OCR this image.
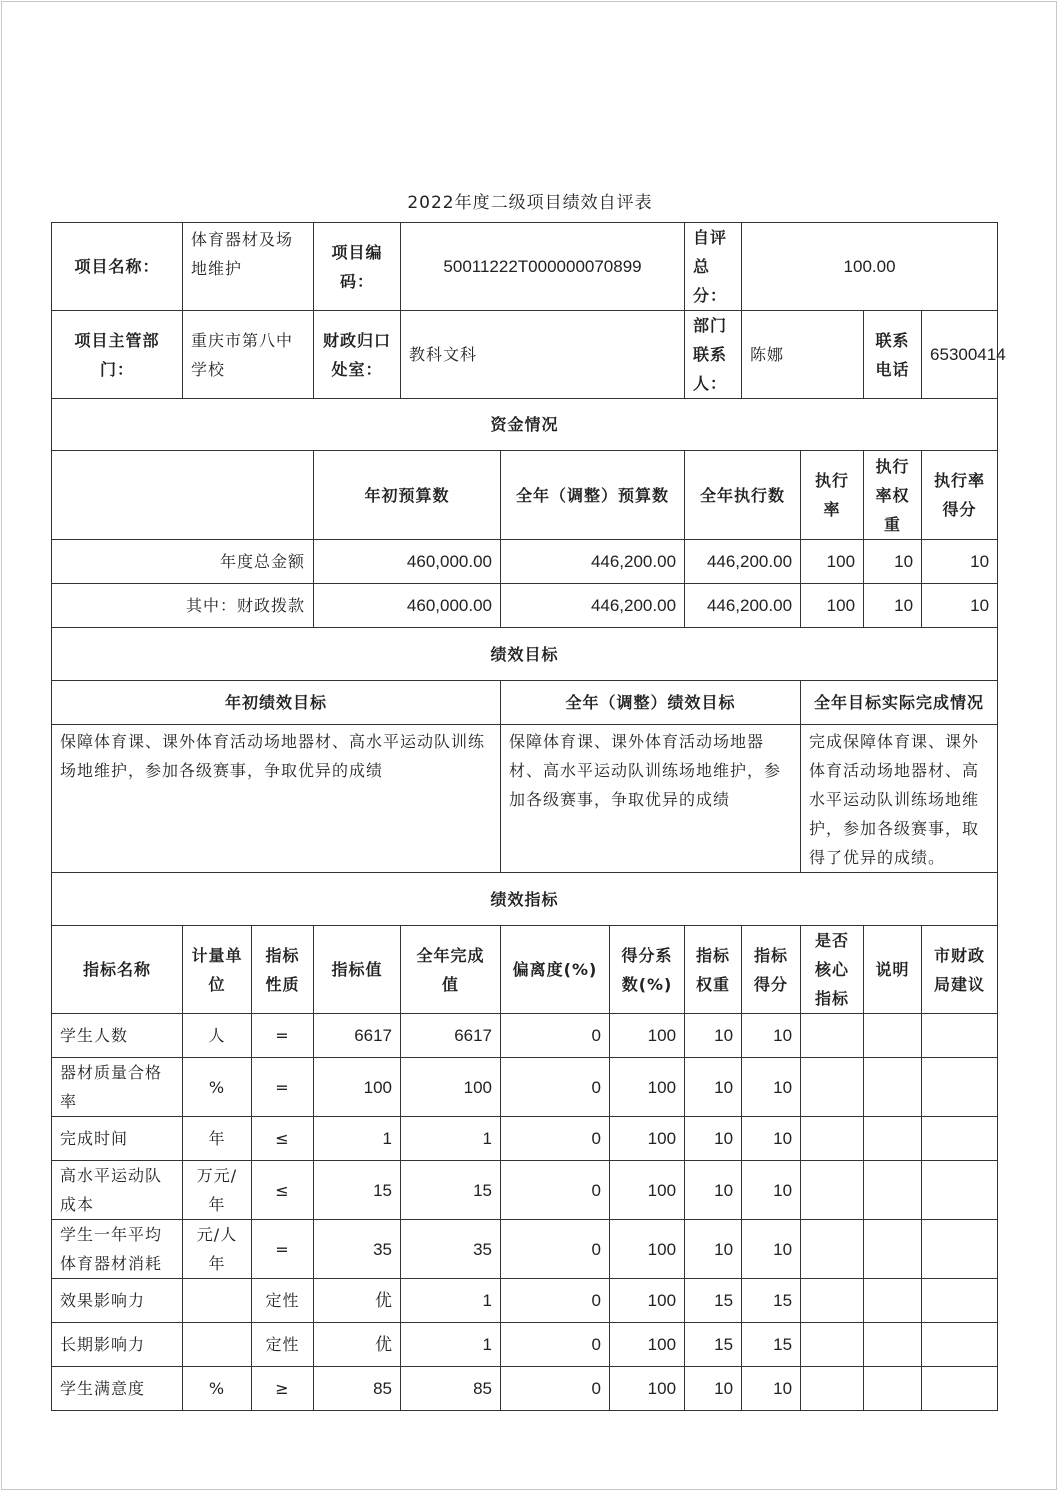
2022年度二级项目绩效自评表
项目名称：	体育器材及场地维护		项目编码：	50011222T000000070899			自评总分：	100.00			
项目主管部门：	重庆市第八中学校		财政归口处室：	教科文科			部门联系人：	陈娜		联系电话	65300414
资金情况											
			年初预算数		全年（调整）预算数		全年执行数		执行率	执行率权重	执行率得分
年度总金额			460,000.00		446,200.00		446,200.00		100	10	10
其中：财政拨款			460,000.00		446,200.00		446,200.00		100	10	10
绩效目标											
年初绩效目标					全年（调整）绩效目标				全年目标实际完成情况		
保障体育课、课外体育活动场地器材、高水平运动队训练场地维护，参加各级赛事，争取优异的成绩					保障体育课、课外体育活动场地器材、高水平运动队训练场地维护，参加各级赛事，争取优异的成绩				完成保障体育课、课外体育活动场地器材、高水平运动队训练场地维护，参加各级赛事，取得了优异的成绩。		
绩效指标											
指标名称	计量单位	指标性质	指标值	全年完成值	偏离度(%)	得分系数(%)	指标权重	指标得分	是否核心指标	说明	市财政局建议
学生人数	人	=	6617	6617	0	100	10	10			
器材质量合格率	%	=	100	100	0	100	10	10			
完成时间	年	≤	1	1	0	100	10	10			
高水平运动队成本	万元/年	≤	15	15	0	100	10	10			
学生一年平均体育器材消耗	元/人年	=	35	35	0	100	10	10			
效果影响力		定性	优	1	0	100	15	15			
长期影响力		定性	优	1	0	100	15	15			
学生满意度	%	≥	85	85	0	100	10	10			
